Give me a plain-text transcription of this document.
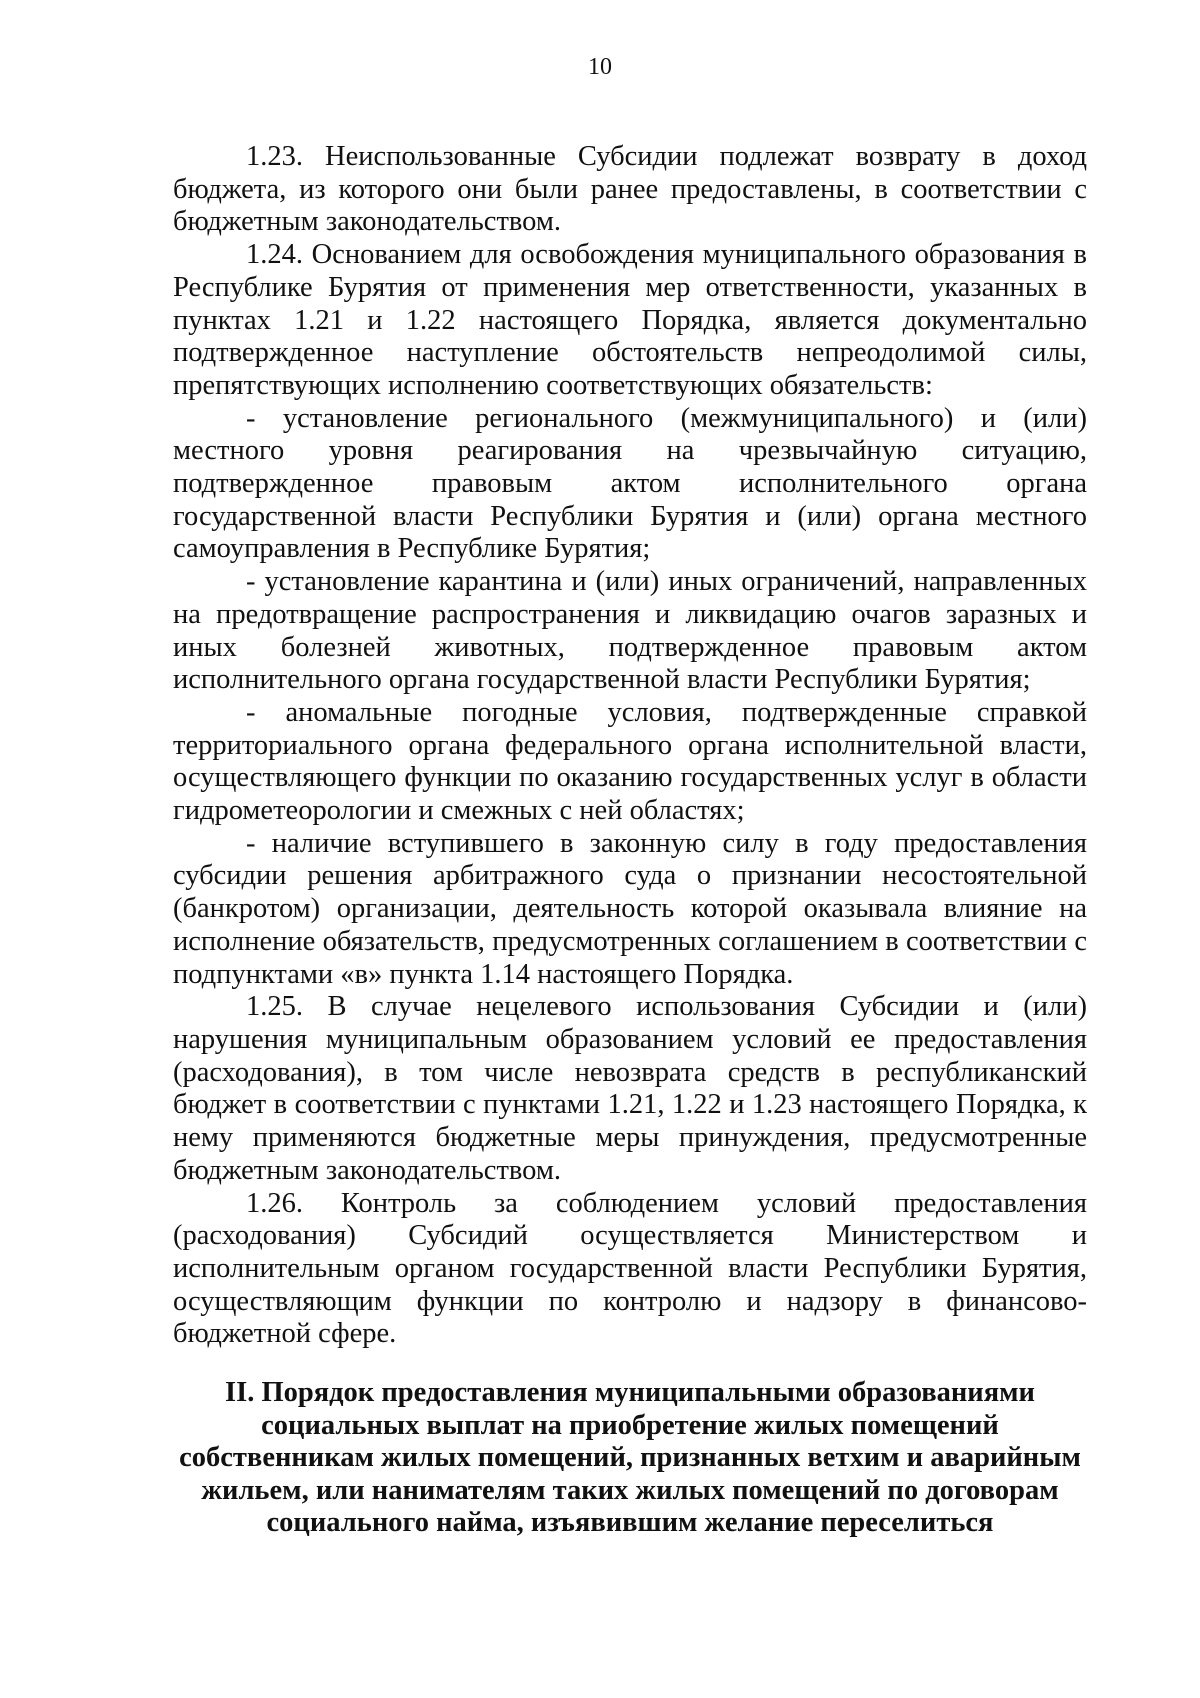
10

1.23. Неиспользованные Субсидии подлежат возврату в доход бюджета, из которого они были ранее предоставлены, в соответствии с бюджетным законодательством.

1.24. Основанием для освобождения муниципального образования в Республике Бурятия от применения мер ответственности, указанных в пунктах 1.21 и 1.22 настоящего Порядка, является документально подтвержденное наступление обстоятельств непреодолимой силы, препятствующих исполнению соответствующих обязательств:

- установление регионального (межмуниципального) и (или) местного уровня реагирования на чрезвычайную ситуацию, подтвержденное правовым актом исполнительного органа государственной власти Республики Бурятия и (или) органа местного самоуправления в Республике Бурятия;

- установление карантина и (или) иных ограничений, направленных на предотвращение распространения и ликвидацию очагов заразных и иных болезней животных, подтвержденное правовым актом исполнительного органа государственной власти Республики Бурятия;

- аномальные погодные условия, подтвержденные справкой территориального органа федерального органа исполнительной власти, осуществляющего функции по оказанию государственных услуг в области гидрометеорологии и смежных с ней областях;

- наличие вступившего в законную силу в году предоставления субсидии решения арбитражного суда о признании несостоятельной (банкротом) организации, деятельность которой оказывала влияние на исполнение обязательств, предусмотренных соглашением в соответствии с подпунктами «в» пункта 1.14 настоящего Порядка.

1.25. В случае нецелевого использования Субсидии и (или) нарушения муниципальным образованием условий ее предоставления (расходования), в том числе невозврата средств в республиканский бюджет в соответствии с пунктами 1.21, 1.22 и 1.23 настоящего Порядка, к нему применяются бюджетные меры принуждения, предусмотренные бюджетным законодательством.

1.26. Контроль за соблюдением условий предоставления (расходования) Субсидий осуществляется Министерством и исполнительным органом государственной власти Республики Бурятия, осуществляющим функции по контролю и надзору в финансово-бюджетной сфере.

II. Порядок предоставления муниципальными образованиями социальных выплат на приобретение жилых помещений собственникам жилых помещений, признанных ветхим и аварийным жильем, или нанимателям таких жилых помещений по договорам социального найма, изъявившим желание переселиться
